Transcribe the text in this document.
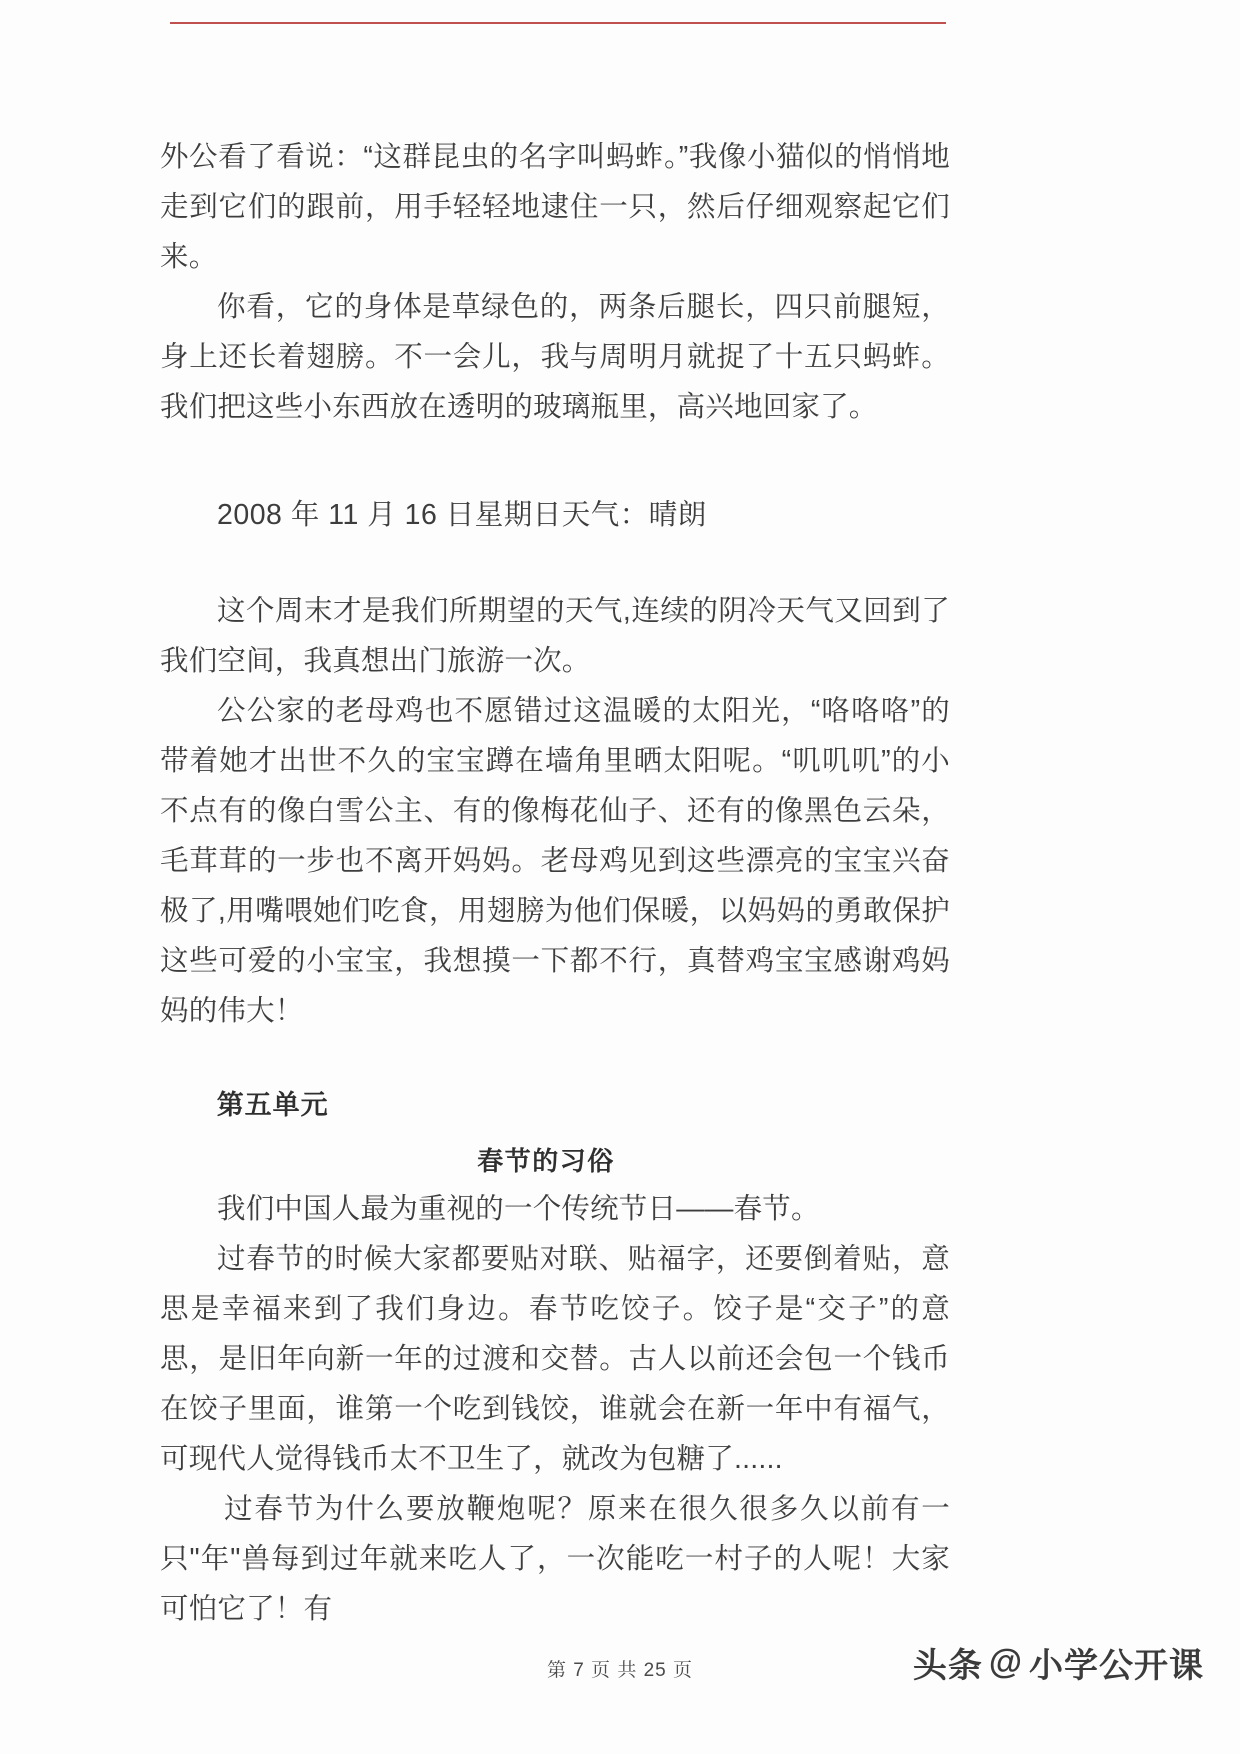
外公看了看说：“这群昆虫的名字叫蚂蚱。”我像小猫似的悄悄地走到它们的跟前，用手轻轻地逮住一只，然后仔细观察起它们来。

你看，它的身体是草绿色的，两条后腿长，四只前腿短，身上还长着翅膀。不一会儿，我与周明月就捉了十五只蚂蚱。我们把这些小东西放在透明的玻璃瓶里，高兴地回家了。

2008 年 11 月 16 日星期日天气：晴朗

这个周末才是我们所期望的天气,连续的阴冷天气又回到了我们空间，我真想出门旅游一次。

公公家的老母鸡也不愿错过这温暖的太阳光，“咯咯咯”的带着她才出世不久的宝宝蹲在墙角里晒太阳呢。“叽叽叽”的小不点有的像白雪公主、有的像梅花仙子、还有的像黑色云朵，毛茸茸的一步也不离开妈妈。老母鸡见到这些漂亮的宝宝兴奋极了,用嘴喂她们吃食，用翅膀为他们保暖，以妈妈的勇敢保护这些可爱的小宝宝，我想摸一下都不行，真替鸡宝宝感谢鸡妈妈的伟大！

第五单元
春节的习俗

我们中国人最为重视的一个传统节日——春节。

过春节的时候大家都要贴对联、贴福字，还要倒着贴，意思是幸福来到了我们身边。春节吃饺子。饺子是“交子”的意思，是旧年向新一年的过渡和交替。古人以前还会包一个钱币在饺子里面，谁第一个吃到钱饺，谁就会在新一年中有福气，可现代人觉得钱币太不卫生了，就改为包糖了......

过春节为什么要放鞭炮呢？原来在很久很多久以前有一只"年"兽每到过年就来吃人了，一次能吃一村子的人呢！大家可怕它了！有

第 7 页 共 25 页	头条 @ 小学公开课
